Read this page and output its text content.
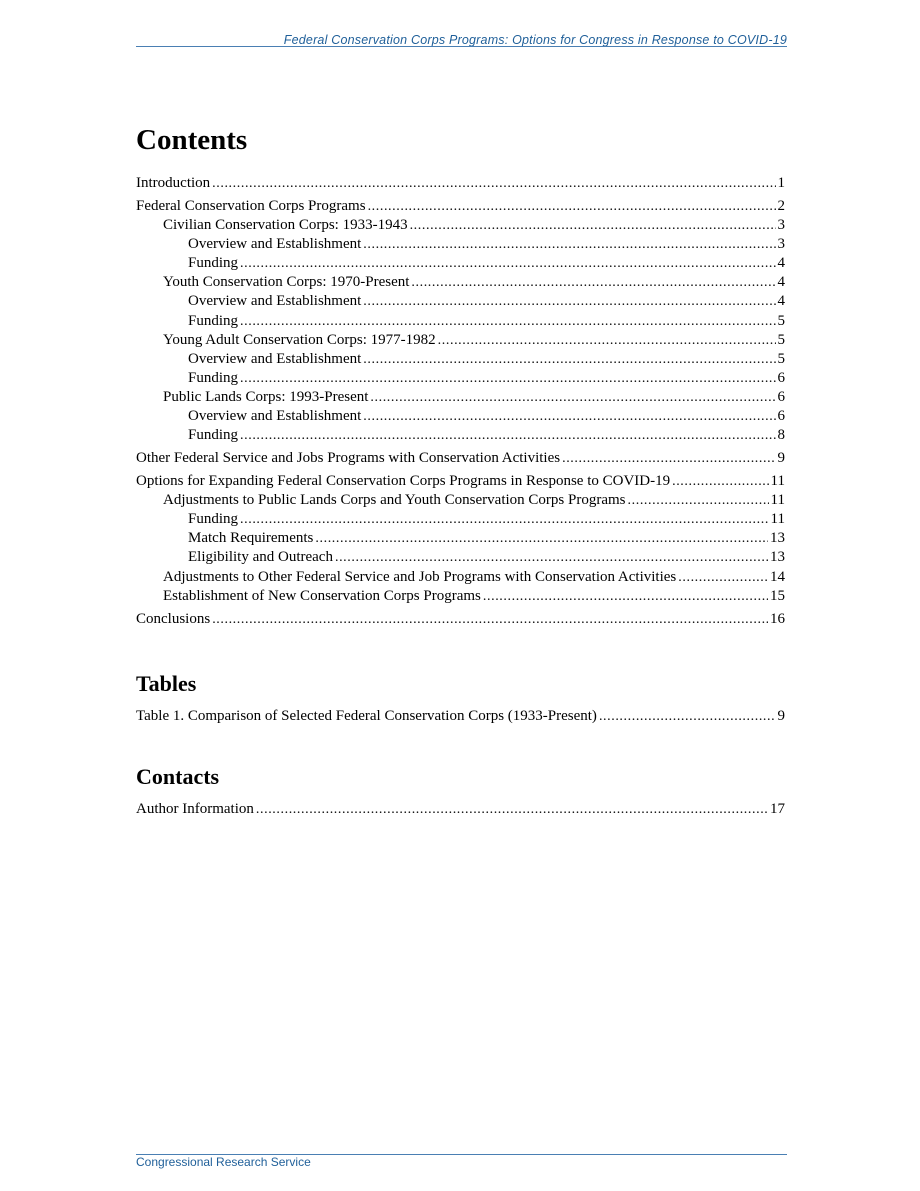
Federal Conservation Corps Programs: Options for Congress in Response to COVID-19
Contents
Introduction .....	1
Federal Conservation Corps Programs .....	2
Civilian Conservation Corps: 1933-1943 .....	3
Overview and Establishment .....	3
Funding .....	4
Youth Conservation Corps: 1970-Present .....	4
Overview and Establishment .....	4
Funding .....	5
Young Adult Conservation Corps: 1977-1982 .....	5
Overview and Establishment .....	5
Funding .....	6
Public Lands Corps: 1993-Present .....	6
Overview and Establishment .....	6
Funding .....	8
Other Federal Service and Jobs Programs with Conservation Activities .....	9
Options for Expanding Federal Conservation Corps Programs in Response to COVID-19 .....	11
Adjustments to Public Lands Corps and Youth Conservation Corps Programs .....	11
Funding .....	11
Match Requirements .....	13
Eligibility and Outreach .....	13
Adjustments to Other Federal Service and Job Programs with Conservation Activities .....	14
Establishment of New Conservation Corps Programs .....	15
Conclusions .....	16
Tables
Table 1. Comparison of Selected Federal Conservation Corps (1933-Present) .....	9
Contacts
Author Information .....	17
Congressional Research Service
